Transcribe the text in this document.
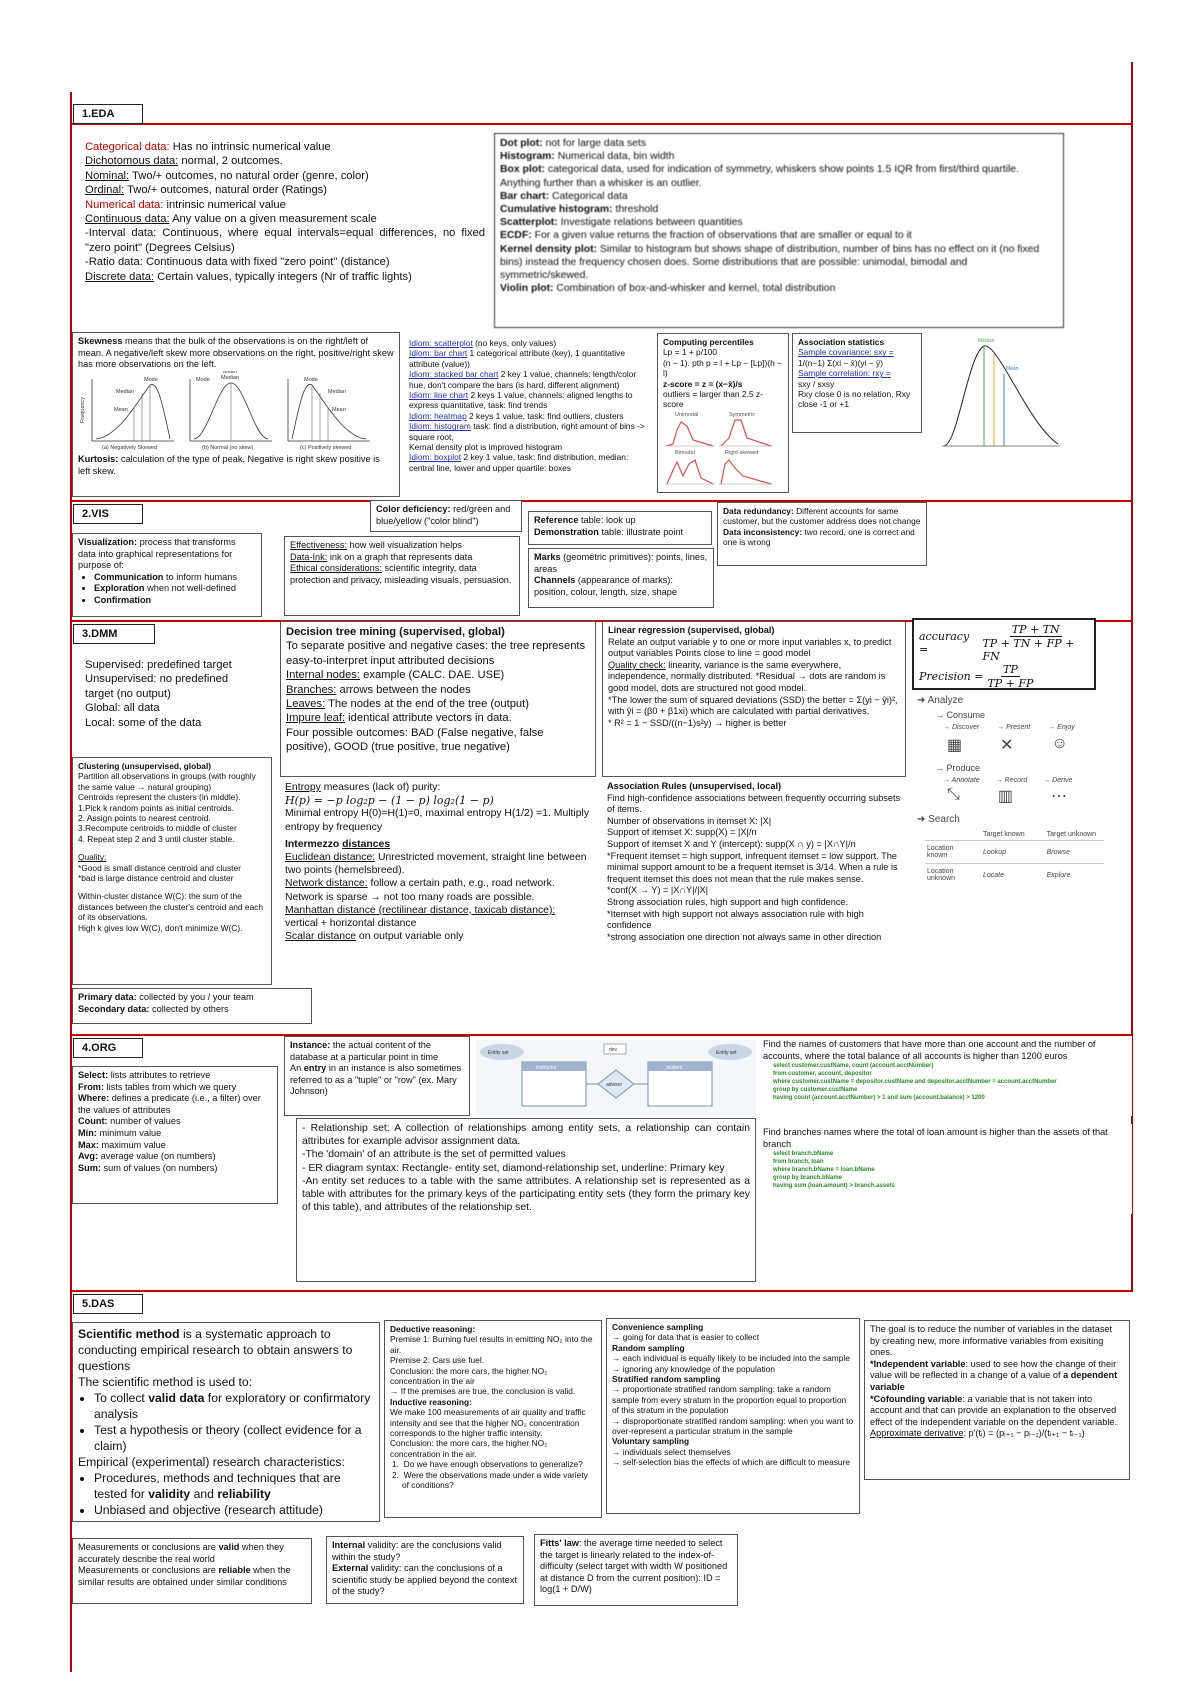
1.EDA
2.VIS
3.DMM
4.ORG
5.DAS

Categorical data: Has no intrinsic numerical value

Dichotomous data: normal, 2 outcomes.

Nominal: Two/+ outcomes, no natural order (genre, color)

Ordinal: Two/+ outcomes, natural order (Ratings)

Numerical data: intrinsic numerical value

Continuous data: Any value on a given measurement scale

-Interval data: Continuous, where equal intervals=equal differences, no fixed "zero point" (Degrees Celsius)

-Ratio data: Continuous data with fixed "zero point" (distance)

Discrete data: Certain values, typically integers (Nr of traffic lights)

Dot plot: not for large data sets

Histogram: Numerical data, bin width

Box plot: categorical data, used for indication of symmetry, whiskers show points 1.5 IQR from first/third quartile. Anything further than a whisker is an outlier.

Bar chart: Categorical data

Cumulative histogram: threshold

Scatterplot: Investigate relations between quantities

ECDF: For a given value returns the fraction of observations that are smaller or equal to it

Kernel density plot: Similar to histogram but shows shape of distribution, number of bins has no effect on it (no fixed bins) instead the frequency chosen does. Some distributions that are possible: unimodal, bimodal and symmetric/skewed.

Violin plot: Combination of box-and-whisker and kernel, total distribution

Skewness means that the bulk of the observations is on the right/left of mean. A negative/left skew more observations on the right, positive/right skew has more observations on the left.

Mode
Median
Mean
Mean
Median
Mode	Mode
Median
Mean
Frequency
(a) Negatively Skewed	(b) Normal (no skew)	(c) Positively skewed

Kurtosis: calculation of the type of peak. Negative is right skew positive is left skew.

Idiom: scatterplot (no keys, only values)

Idiom: bar chart 1 categorical attribute (key), 1 quantitative attribute (value))

Idiom: stacked bar chart 2 key 1 value, channels: length/color hue, don't compare the bars (is hard, different alignment)

Idiom: line chart 2 keys 1 value, channels: aligned lengths to express quantitative, task: find trends

Idiom: heatmap 2 keys 1 value, task: find outliers, clusters

Idiom: histogram task: find a distribution, right amount of bins -> square root,

Kernal density plot is improved histogram

Idiom: boxplot 2 key 1 value, task: find distribution, median: central line, lower and upper quartile: boxes

Computing percentiles

Lp = 1 + p/100

(n − 1). pth p = l + Lp − [Lp])(h − l)

z-score = z = (x−x̄)/s

outliers = larger than 2.5 z-score

Unimodal	Symmetric
Bimodal	Right-skewed

Association statistics

Sample covariance: sxy =

1/(n−1) Σ(xi − x̄)(yi − ȳ)

Sample correlation: rxy =

sxy / sxsy

Rxy close 0 is no relation, Rxy close -1 or +1

Median
Mean

Visualization: process that transforms data into graphical representations for purpose of:

• Communication to inform humans
• Exploration when not well-defined
• Confirmation

Effectiveness: how well visualization helps

Data-Ink: ink on a graph that represents data

Ethical considerations: scientific integrity, data protection and privacy, misleading visuals, persuasion.

Color deficiency: red/green and blue/yellow ("color blind")	Reference table: look up

Demonstration table: illustrate point

Marks (geometric primitives): points, lines, areas

Channels (appearance of marks): position, colour, length, size, shape

Data redundancy: Different accounts for same customer, but the customer address does not change

Data inconsistency: two record, one is correct and one is wrong

Supervised: predefined target

Unsupervised: no predefined target (no output)

Global: all data

Local: some of the data

Clustering (unsupervised, global)

Partition all observations in groups (with roughly the same value → natural grouping)

Centroids represent the clusters (in middle).

1.Pick k random points as initial centroids.

2. Assign points to nearest centroid.

3.Recompute centroids to middle of cluster

4. Repeat step 2 and 3 until cluster stable.

Quality:

*Good is small distance centroid and cluster

*bad is large distance centroid and cluster

Within-cluster distance W(C): the sum of the distances between the cluster's centroid and each of its observations.

High k gives low W(C), don't minimize W(C).

Primary data: collected by you / your team

Secondary data: collected by others

Decision tree mining (supervised, global)

To separate positive and negative cases: the tree represents easy-to-interpret input attributed decisions

Internal nodes: example (CALC. DAE. USE)

Branches: arrows between the nodes

Leaves: The nodes at the end of the tree (output)

Impure leaf: identical attribute vectors in data.

Four possible outcomes: BAD (False negative, false positive), GOOD (true positive, true negative)

Entropy measures (lack of) purity:

H(p) = −p log₂p − (1 − p) log₂(1 − p)

Minimal entropy H(0)=H(1)=0, maximal entropy H(1/2) =1. Multiply entropy by frequency

Intermezzo distances

Euclidean distance: Unrestricted movement, straight line between two points (hemelsbreed).

Network distance: follow a certain path, e.g., road network. Network is sparse → not too many roads are possible.

Manhattan distance (rectilinear distance, taxicab distance): vertical + horizontal distance

Scalar distance on output variable only

Linear regression (supervised, global)

Relate an output variable y to one or more input variables x, to predict output variables Points close to line = good model

Quality check: linearity, variance is the same everywhere, independence, normally distributed. *Residual → dots are random is good model, dots are structured not good model.

*The lower the sum of squared deviations (SSD) the better = Σ(yi − ŷi)², with ŷi = (β0 + β1xi) which are calculated with partial derivatives.

* R² = 1 − SSD/((n−1)s²y) → higher is better

Association Rules (unsupervised, local)

Find high-confidence associations between frequently occurring subsets of items.

Number of observations in itemset X: |X|

Support of itemset X: supp(X) = |X|/n

Support of itemset X and Y (intercept): supp(X ∩ y) = |X∩Y|/n

*Frequent itemset = high support, infrequent itemset = low support. The minimal support amount to be a frequent itemset is 3/14. When a rule is frequent itemset this does not mean that the rule makes sense.

*conf(X → Y) = |X∩Y|/|X|

Strong association rules, high support and high confidence.

*Itemset with high support not always association rule with high confidence

*strong association one direction not always same in other direction

accuracy =	$\frac{TP + TN}{TP + TN + FP + FN}$
Precision = $\frac{TP}{TP + FP}$
➜ Analyze
→ Consume
→ Discover	→ Present	→ Enjoy
▦ ✕ ☺
→ Produce
→ Annotate → Record → Derive
⤡ ▥ ⋯
➜ Search
	Target known	Target unknown
Location known	Lookup	Browse
Location unknown	Locate	Explore

Select: lists attributes to retrieve

From: lists tables from which we query

Where: defines a predicate (i.e., a filter) over the values of attributes

Count: number of values

Min: minimum value

Max: maximum value

Avg: average value (on numbers)

Sum: sum of values (on numbers)

Instance: the actual content of the database at a particular point in time

An entry in an instance is also sometimes referred to as a "tuple" or "row" (ex. Mary Johnson)

Entity set	Entity set
instructor	student
advisor
dev

- Relationship set: A collection of relationships among entity sets, a relationship can contain attributes for example advisor assignment data.

-The 'domain' of an attribute is the set of permitted values

- ER diagram syntax: Rectangle- entity set, diamond-relationship set, underline: Primary key

-An entity set reduces to a table with the same attributes. A relationship set is represented as a table with attributes for the primary keys of the participating entity sets (they form the primary key of this table), and attributes of the relationship set.

Find the names of customers that have more than one account and the number of accounts, where the total balance of all accounts is higher than 1200 euros

select customer.custName, count (account.acctNumber)
from customer, account, depositor
where customer.custName = depositor.custName and depositor.acctNumber = account.acctNumber
group by customer.custName
having count (account.acctNumber) > 1 and sum (account.balance) > 1200

Find branches names where the total of loan amount is higher than the assets of that branch

select branch.bName
from branch, loan
where branch.bName = loan.bName
group by branch.bName
having sum (loan.amount) > branch.assets

Scientific method is a systematic approach to conducting empirical research to obtain answers to questions

The scientific method is used to:

• To collect valid data for exploratory or confirmatory analysis
• Test a hypothesis or theory (collect evidence for a claim)

Empirical (experimental) research characteristics:

• Procedures, methods and techniques that are tested for validity and reliability
• Unbiased and objective (research attitude)

Deductive reasoning:

Premise 1: Burning fuel results in emitting NO₂ into the air.

Premise 2: Cars use fuel.

Conclusion: the more cars, the higher NO₂ concentration in the air

→ If the premises are true, the conclusion is valid.

Inductive reasoning:

We make 100 measurements of air quality and traffic intensity and see that the higher NO₂ concentration corresponds to the higher traffic intensity.

Conclusion: the more cars, the higher NO₂ concentration in the air.

1.  Do we have enough observations to generalize?

2.  Were the observations made under a wide variety of conditions?

Convenience sampling

→ going for data that is easier to collect

Random sampling

→ each individual is equally likely to be included into the sample

→ ignoring any knowledge of the population

Stratified random sampling

→ proportionate stratified random sampling: take a random sample from every stratum in the proportion equal to proportion of this stratum in the population

→ disproportionate stratified random sampling: when you want to over-represent a particular stratum in the sample

Voluntary sampling

→ individuals select themselves

→ self-selection bias the effects of which are difficult to measure

The goal is to reduce the number of variables in the dataset by creating new, more informative variables from exisiting ones.

*Independent variable: used to see how the change of their value will be reflected in a change of a value of a dependent variable

*Cofounding variable: a variable that is not taken into account and that can provide an explanation to the observed effect of the independent variable on the dependent variable.

Approximate derivative: p'(tᵢ) = (pᵢ₊₁ − pᵢ₋₁)/(tᵢ₊₁ − tᵢ₋₁)

Measurements or conclusions are valid when they accurately describe the real world

Measurements or conclusions are reliable when the similar results are obtained under similar conditions

Internal validity: are the conclusions valid within the study?

External validity: can the conclusions of a scientific study be applied beyond the context of the study?

Fitts' law: the average time needed to select the target is linearly related to the index-of-difficulty (select target with width W positioned at distance D from the current position): ID = log(1 + D/W)
